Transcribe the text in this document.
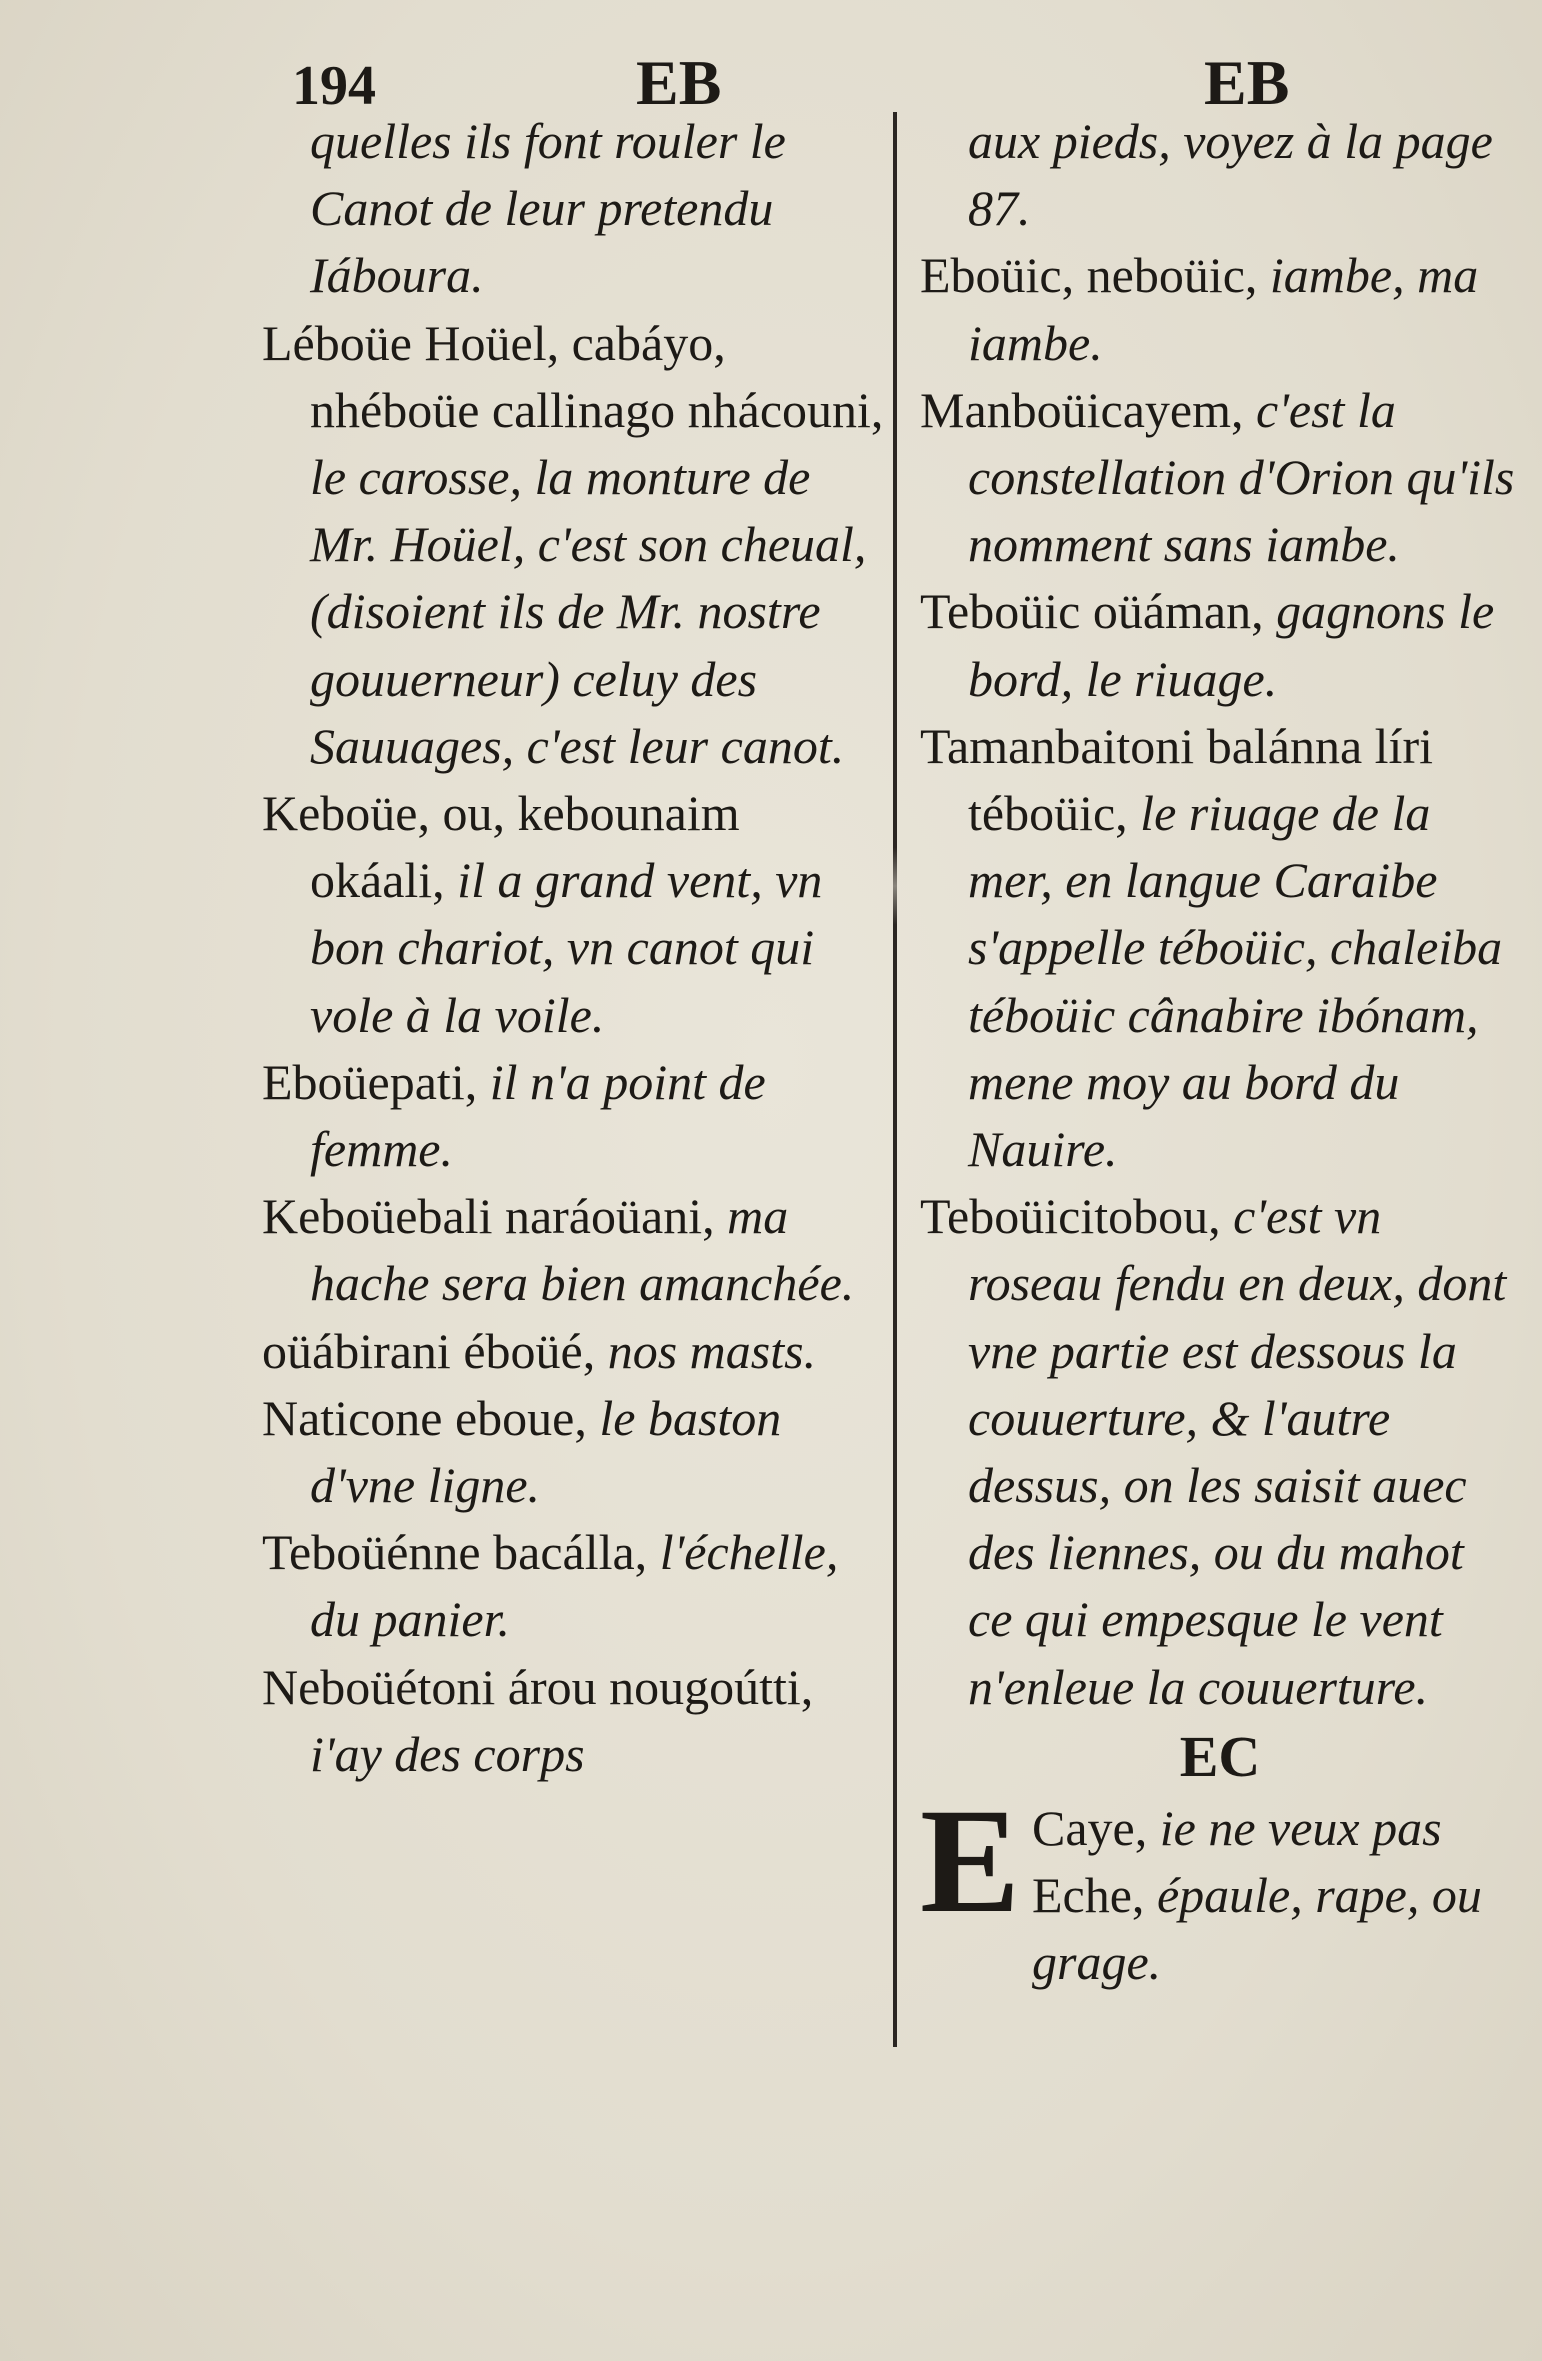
194	EB	EB

quelles ils font rouler le Canot de leur pretendu Iáboura.

Léboüe Hoüel, cabáyo, nhéboüe callinago nhácouni, le carosse, la monture de Mr. Hoüel, c'est son cheual, (disoient ils de Mr. nostre gouuerneur) celuy des Sauuages, c'est leur canot.

Keboüe, ou, kebounaim okáali, il a grand vent, vn bon chariot, vn canot qui vole à la voile.

Eboüepati, il n'a point de femme.

Keboüebali naráoüani, ma hache sera bien amanchée.

oüábirani éboüé, nos masts.

Naticone eboue, le baston d'vne ligne.

Teboüénne bacálla, l'échelle, du panier.

Neboüétoni árou nougoútti, i'ay des corps

aux pieds, voyez à la page 87.

Eboüic, neboüic, iambe, ma iambe.

Manboüicayem, c'est la constellation d'Orion qu'ils nomment sans iambe.

Teboüic oüáman, gagnons le bord, le riuage.

Tamanbaitoni balánna líri téboüic, le riuage de la mer, en langue Caraibe s'appelle téboüic, chaleiba téboüic cânabire ibónam, mene moy au bord du Nauire.

Teboüicitobou, c'est vn roseau fendu en deux, dont vne partie est dessous la couuerture, & l'autre dessus, on les saisit auec des liennes, ou du mahot ce qui empesque le vent n'enleue la couuerture.

EC
E Caye, ie ne veux pas

Eche, épaule, rape, ou grage.
